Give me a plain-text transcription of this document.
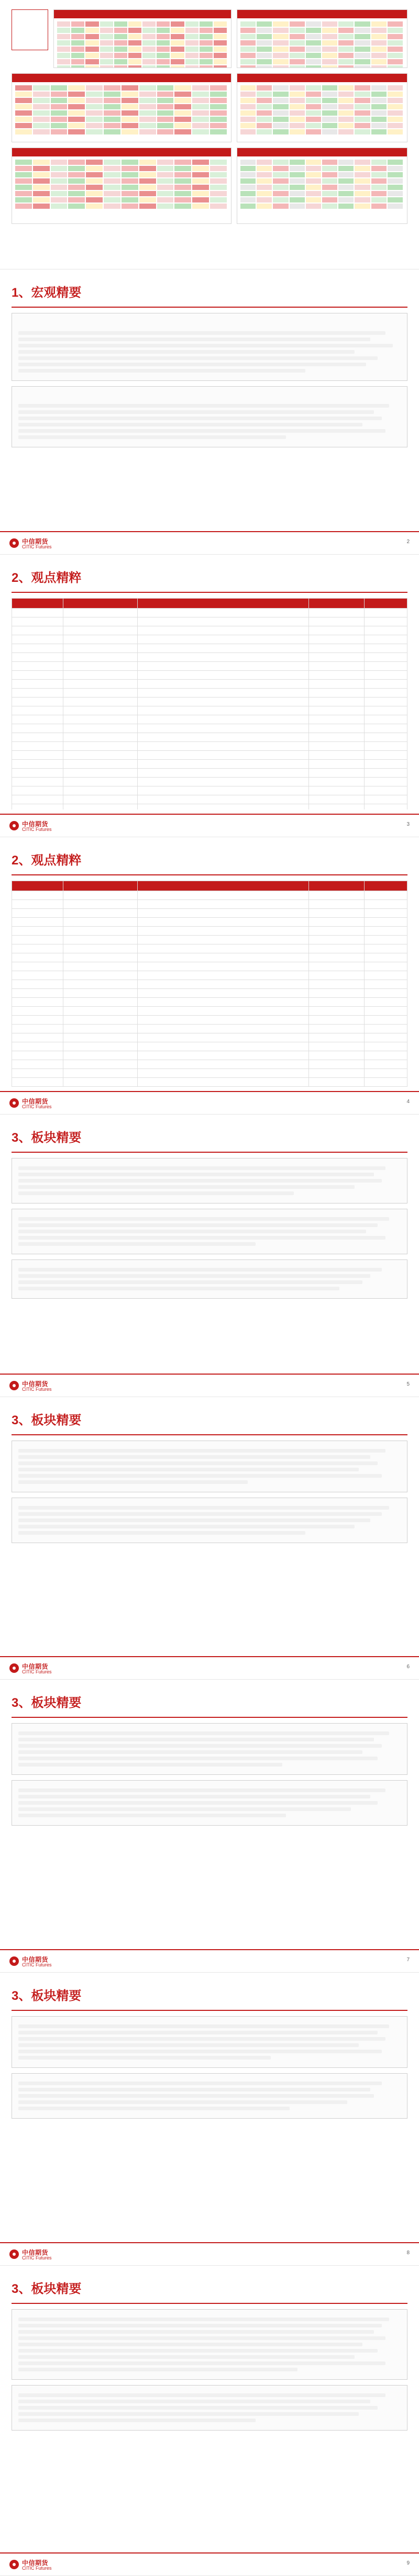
1、宏观精要
中信期货
CITIC Futures
2
2、观点精粹

中信期货
CITIC Futures
3
2、观点精粹

中信期货
CITIC Futures
4
3、板块精要
中信期货
CITIC Futures
5
3、板块精要
中信期货
CITIC Futures
6
3、板块精要
中信期货
CITIC Futures
7
3、板块精要
中信期货
CITIC Futures
8
3、板块精要
中信期货
CITIC Futures
9
